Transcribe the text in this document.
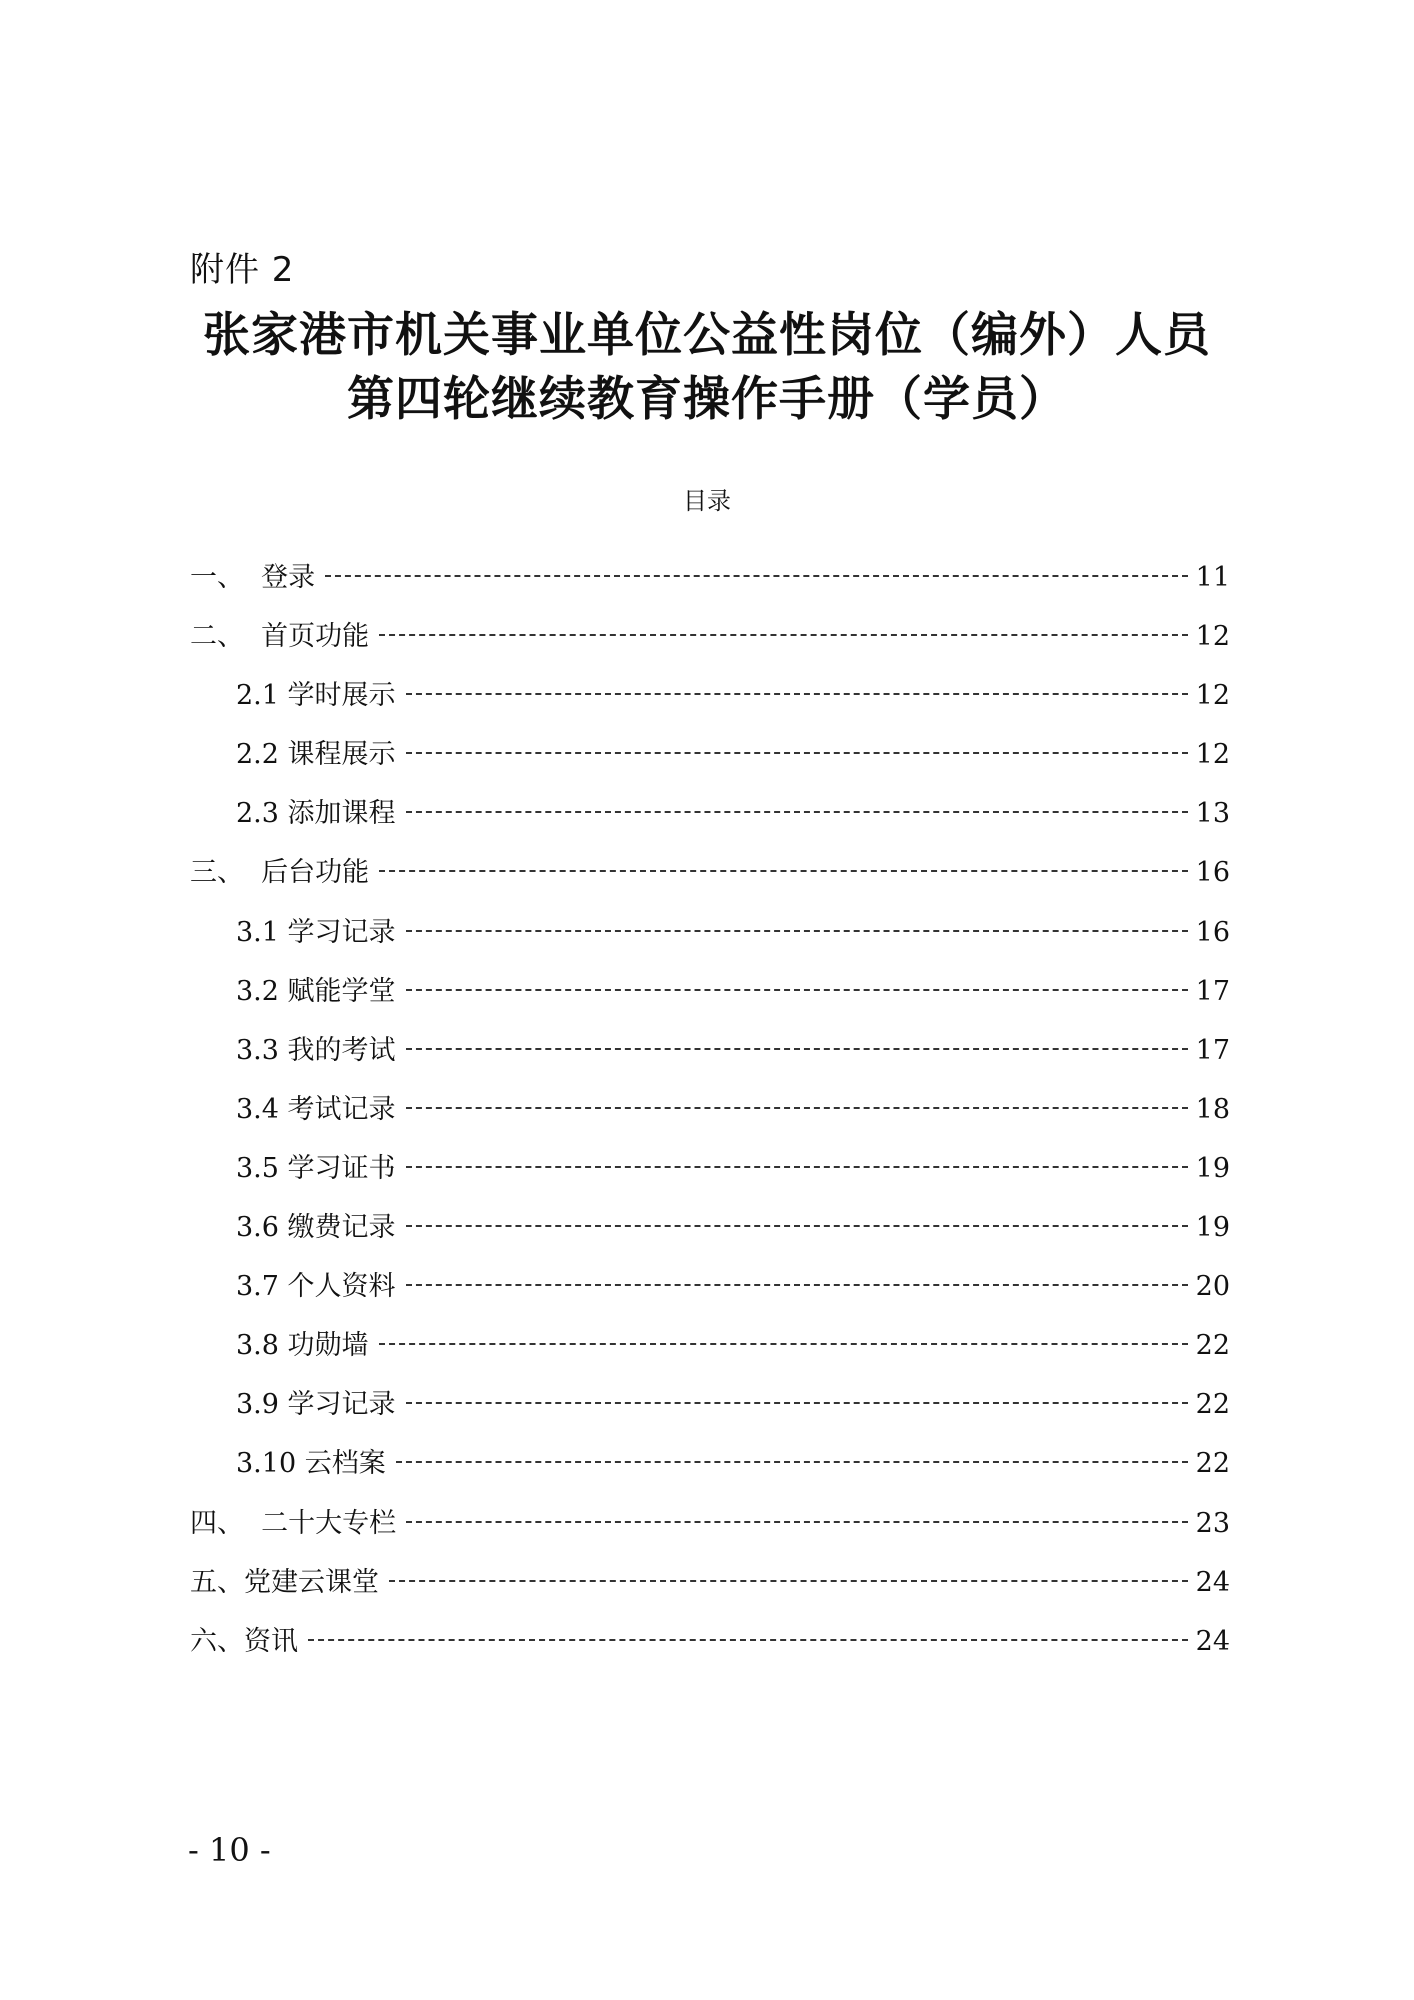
附件 2
张家港市机关事业单位公益性岗位（编外）人员
第四轮继续教育操作手册（学员）
目录
一、  登录	11
二、  首页功能	12
2.1 学时展示	12
2.2 课程展示	12
2.3 添加课程	13
三、  后台功能	16
3.1 学习记录	16
3.2 赋能学堂	17
3.3 我的考试	17
3.4 考试记录	18
3.5 学习证书	19
3.6 缴费记录	19
3.7 个人资料	20
3.8 功勋墙	22
3.9 学习记录	22
3.10 云档案	22
四、  二十大专栏	23
五、党建云课堂	24
六、资讯	24
- 10 -
